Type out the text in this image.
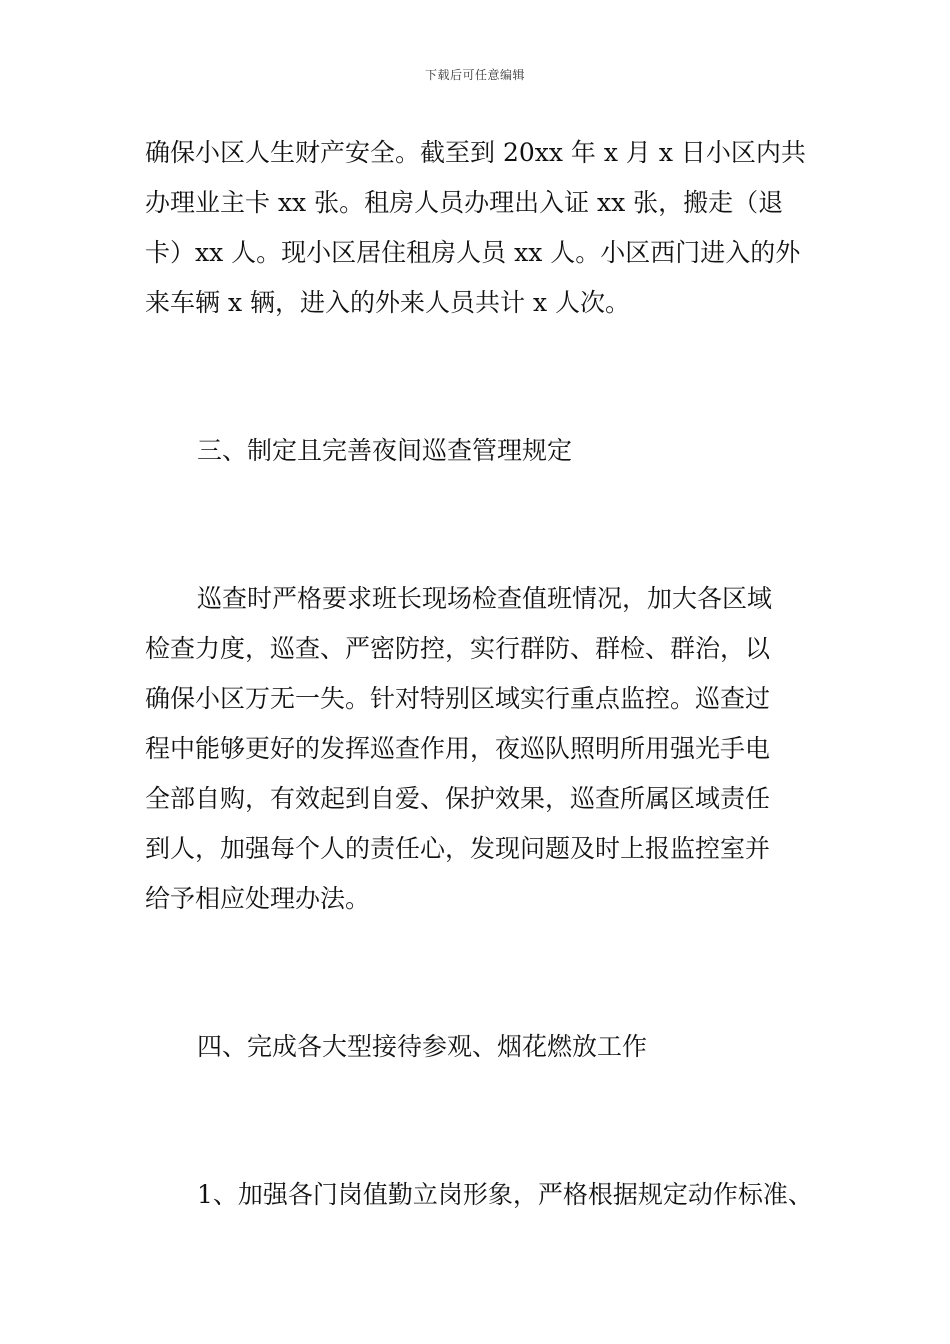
下载后可任意编辑
确保小区人生财产安全。截至到 20xx 年 x 月 x 日小区内共
办理业主卡 xx 张。租房人员办理出入证 xx 张，搬走（退
卡）xx 人。现小区居住租房人员 xx 人。小区西门进入的外
来车辆 x 辆，进入的外来人员共计 x 人次。
三、制定且完善夜间巡查管理规定
巡查时严格要求班长现场检查值班情况，加大各区域
检查力度，巡查、严密防控，实行群防、群检、群治，以
确保小区万无一失。针对特别区域实行重点监控。巡查过
程中能够更好的发挥巡查作用，夜巡队照明所用强光手电
全部自购，有效起到自爱、保护效果，巡查所属区域责任
到人，加强每个人的责任心，发现问题及时上报监控室并
给予相应处理办法。
四、完成各大型接待参观、烟花燃放工作
1、加强各门岗值勤立岗形象，严格根据规定动作标准、
